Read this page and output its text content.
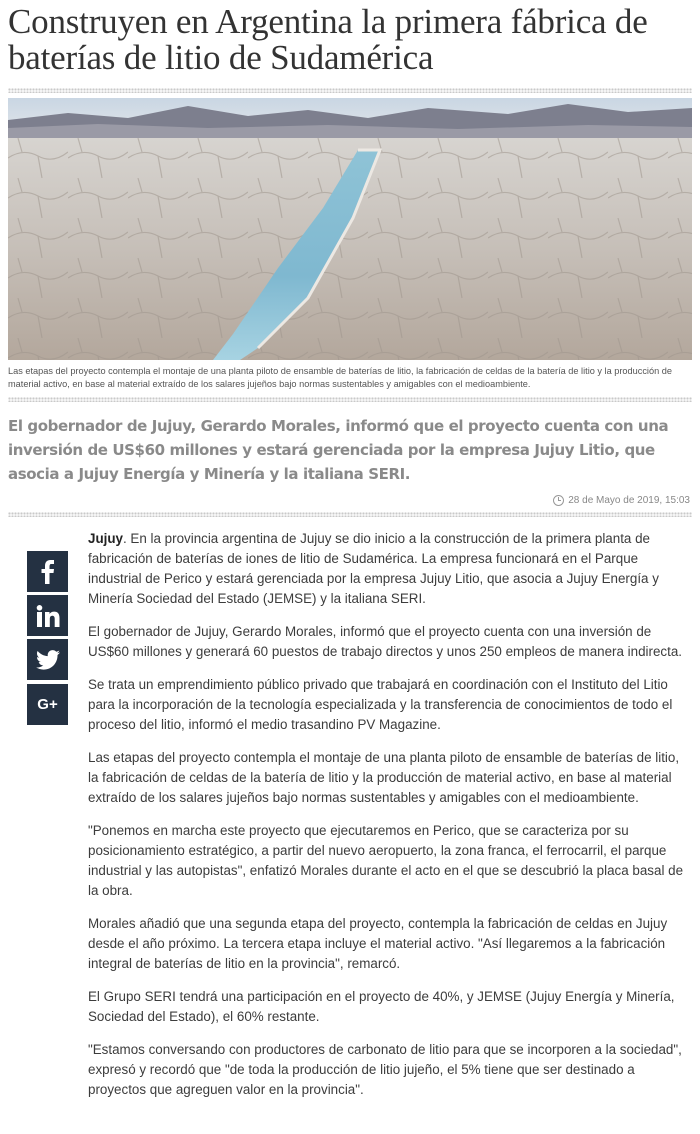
Construyen en Argentina la primera fábrica de baterías de litio de Sudamérica
Las etapas del proyecto contempla el montaje de una planta piloto de ensamble de baterías de litio, la fabricación de celdas de la batería de litio y la producción de material activo, en base al material extraído de los salares jujeños bajo normas sustentables y amigables con el medioambiente.
El gobernador de Jujuy, Gerardo Morales, informó que el proyecto cuenta con una inversión de US$60 millones y estará gerenciada por la empresa Jujuy Litio, que asocia a Jujuy Energía y Minería y la italiana SERI.
28 de Mayo de 2019, 15:03
G+

Jujuy. En la provincia argentina de Jujuy se dio inicio a la construcción de la primera planta de fabricación de baterías de iones de litio de Sudamérica. La empresa funcionará en el Parque industrial de Perico y estará gerenciada por la empresa Jujuy Litio, que asocia a Jujuy Energía y Minería Sociedad del Estado (JEMSE) y la italiana SERI.

El gobernador de Jujuy, Gerardo Morales, informó que el proyecto cuenta con una inversión de US$60 millones y generará 60 puestos de trabajo directos y unos 250 empleos de manera indirecta.

Se trata un emprendimiento público privado que trabajará en coordinación con el Instituto del Litio para la incorporación de la tecnología especializada y la transferencia de conocimientos de todo el proceso del litio, informó el medio trasandino PV Magazine.

Las etapas del proyecto contempla el montaje de una planta piloto de ensamble de baterías de litio, la fabricación de celdas de la batería de litio y la producción de material activo, en base al material extraído de los salares jujeños bajo normas sustentables y amigables con el medioambiente.

"Ponemos en marcha este proyecto que ejecutaremos en Perico, que se caracteriza por su posicionamiento estratégico, a partir del nuevo aeropuerto, la zona franca, el ferrocarril, el parque industrial y las autopistas", enfatizó Morales durante el acto en el que se descubrió la placa basal de la obra.

Morales añadió que una segunda etapa del proyecto, contempla la fabricación de celdas en Jujuy desde el año próximo. La tercera etapa incluye el material activo. "Así llegaremos a la fabricación integral de baterías de litio en la provincia", remarcó.

El Grupo SERI tendrá una participación en el proyecto de 40%, y JEMSE (Jujuy Energía y Minería, Sociedad del Estado), el 60% restante.

"Estamos conversando con productores de carbonato de litio para que se incorporen a la sociedad", expresó y recordó que "de toda la producción de litio jujeño, el 5% tiene que ser destinado a proyectos que agreguen valor en la provincia".
